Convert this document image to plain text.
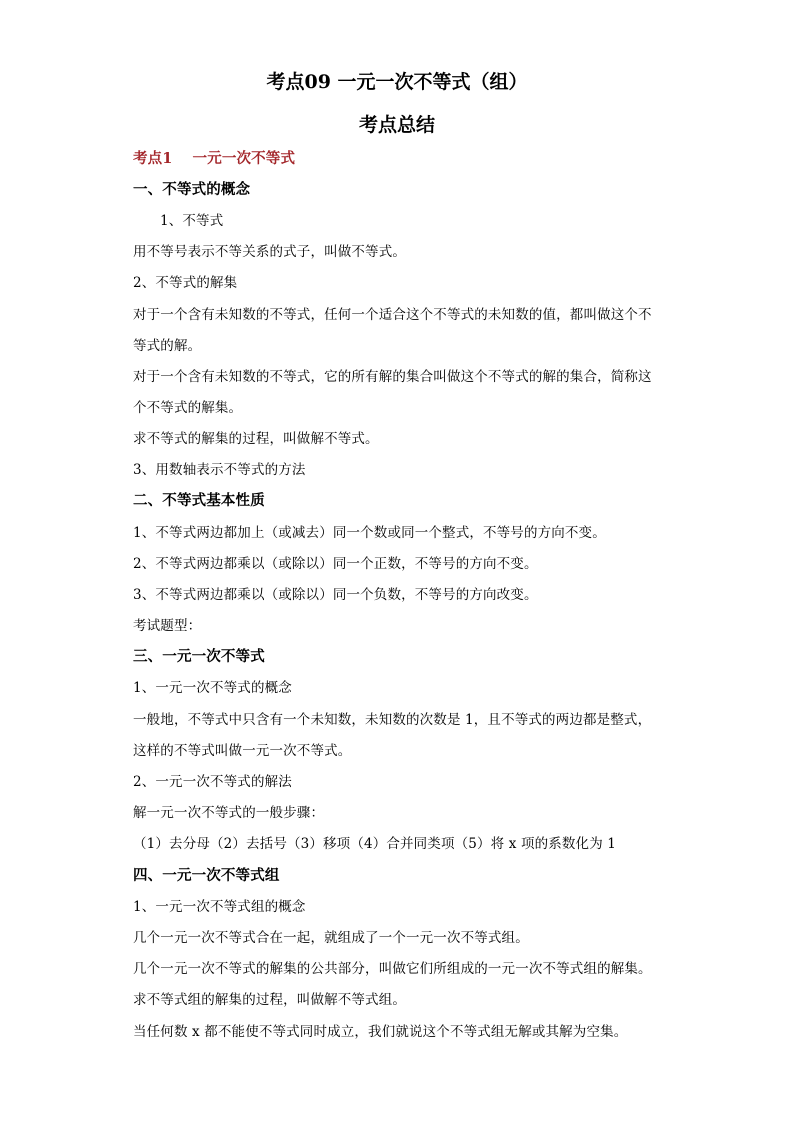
考点09 一元一次不等式（组）
考点总结
考点1 一元一次不等式
一、不等式的概念
1、不等式
用不等号表示不等关系的式子，叫做不等式。
2、不等式的解集
对于一个含有未知数的不等式，任何一个适合这个不等式的未知数的值，都叫做这个不
等式的解。
对于一个含有未知数的不等式，它的所有解的集合叫做这个不等式的解的集合，简称这
个不等式的解集。
求不等式的解集的过程，叫做解不等式。
3、用数轴表示不等式的方法
二、不等式基本性质
1、不等式两边都加上（或减去）同一个数或同一个整式，不等号的方向不变。
2、不等式两边都乘以（或除以）同一个正数，不等号的方向不变。
3、不等式两边都乘以（或除以）同一个负数，不等号的方向改变。
考试题型：
三、一元一次不等式
1、一元一次不等式的概念
一般地，不等式中只含有一个未知数，未知数的次数是 1，且不等式的两边都是整式，
这样的不等式叫做一元一次不等式。
2、一元一次不等式的解法
解一元一次不等式的一般步骤：
（1）去分母（2）去括号（3）移项（4）合并同类项（5）将 x 项的系数化为 1
四、一元一次不等式组
1、一元一次不等式组的概念
几个一元一次不等式合在一起，就组成了一个一元一次不等式组。
几个一元一次不等式的解集的公共部分，叫做它们所组成的一元一次不等式组的解集。
求不等式组的解集的过程，叫做解不等式组。
当任何数 x 都不能使不等式同时成立，我们就说这个不等式组无解或其解为空集。
